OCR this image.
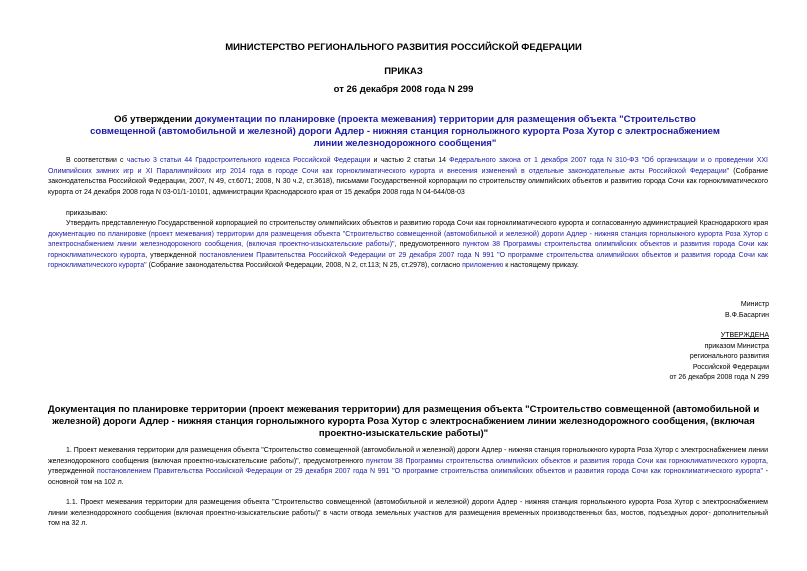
МИНИСТЕРСТВО РЕГИОНАЛЬНОГО РАЗВИТИЯ РОССИЙСКОЙ ФЕДЕРАЦИИ
ПРИКАЗ
от 26 декабря 2008 года N 299
Об утверждении документации по планировке (проекта межевания) территории для размещения объекта "Строительство совмещенной (автомобильной и железной) дороги Адлер - нижняя станция горнолыжного курорта Роза Хутор с электроснабжением линии железнодорожного сообщения"
В соответствии с частью 3 статьи 44 Градостроительного кодекса Российской Федерации и частью 2 статьи 14 Федерального закона от 1 декабря 2007 года N 310-ФЗ "Об организации и о проведении XXI Олимпийских зимних игр и XI Паралимпийских игр 2014 года в городе Сочи как горноклиматического курорта и внесения изменений в отдельные законодательные акты Российской Федерации" (Собрание законодательства Российской Федерации, 2007, N 49, ст.6071; 2008, N 30 ч.2, ст.3618), письмами Государственной корпорации по строительству олимпийских объектов и развитию города Сочи как горноклиматического курорта от 24 декабря 2008 года N 03-01/1-10101, администрации Краснодарского края от 15 декабря 2008 года N 04-644/08-03
приказываю:
Утвердить представленную Государственной корпорацией по строительству олимпийских объектов и развитию города Сочи как горноклиматического курорта и согласованную администрацией Краснодарского края документацию по планировке (проект межевания) территории для размещения объекта "Строительство совмещенной (автомобильной и железной) дороги Адлер - нижняя станция горнолыжного курорта Роза Хутор с электроснабжением линии железнодорожного сообщения, (включая проектно-изыскательские работы)", предусмотренного пунктом 38 Программы строительства олимпийских объектов и развития города Сочи как горноклиматического курорта, утвержденной постановлением Правительства Российской Федерации от 29 декабря 2007 года N 991 "О программе строительства олимпийских объектов и развития города Сочи как горноклиматического курорта" (Собрание законодательства Российской Федерации, 2008, N 2, ст.113; N 25, ст.2978), согласно приложению к настоящему приказу.
Министр
В.Ф.Басаргин
УТВЕРЖДЕНА
приказом Министра
регионального развития
Российской Федерации
от 26 декабря 2008 года N 299
Документация по планировке территории (проект межевания территории) для размещения объекта "Строительство совмещенной (автомобильной и железной) дороги Адлер - нижняя станция горнолыжного курорта Роза Хутор с электроснабжением линии железнодорожного сообщения, (включая проектно-изыскательские работы)"
1. Проект межевания территории для размещения объекта "Строительство совмещенной (автомобильной и железной) дороги Адлер - нижняя станция горнолыжного курорта Роза Хутор с электроснабжением линии железнодорожного сообщения (включая проектно-изыскательские работы)", предусмотренного пунктом 38 Программы строительства олимпийских объектов и развития города Сочи как горноклиматического курорта, утвержденной постановлением Правительства Российской Федерации от 29 декабря 2007 года N 991 "О программе строительства олимпийских объектов и развития города Сочи как горноклиматического курорта" - основной том на 102 л.
1.1. Проект межевания территории для размещения объекта "Строительство совмещенной (автомобильной и железной) дороги Адлер - нижняя станция горнолыжного курорта Роза Хутор с электроснабжением линии железнодорожного сообщения (включая проектно-изыскательские работы)" в части отвода земельных участков для размещения временных производственных баз, мостов, подъездных дорог- дополнительный том на 32 л.
